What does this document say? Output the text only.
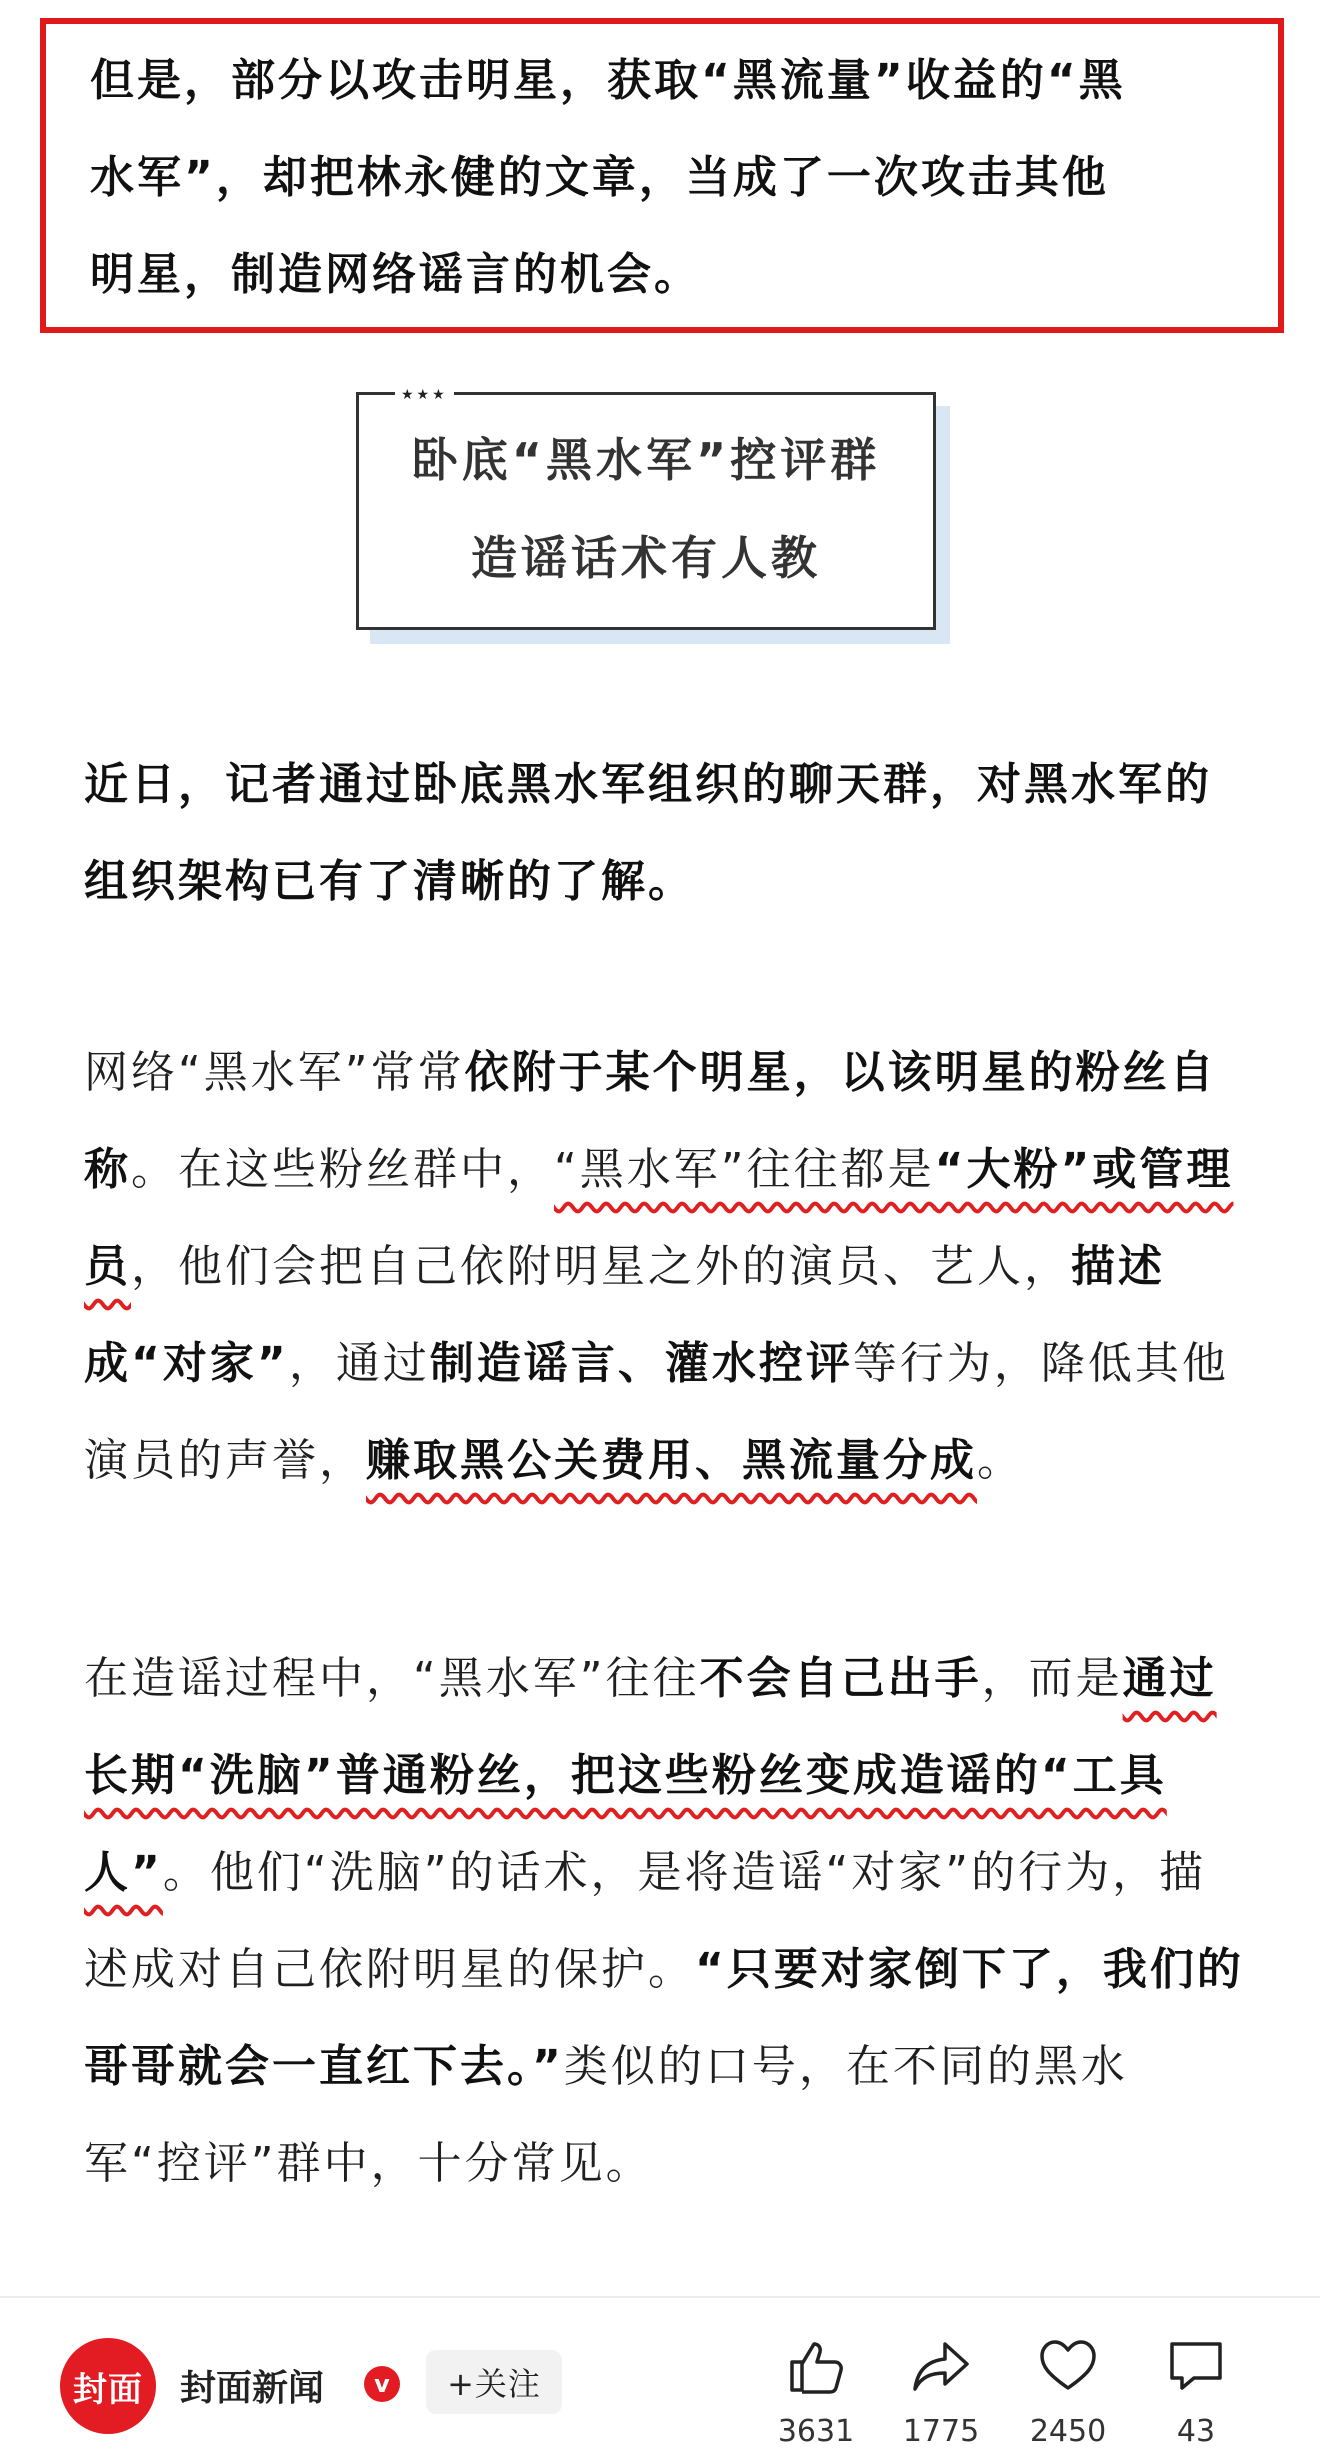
但是，部分以攻击明星，获取“黑流量”收益的“黑
水军”，却把林永健的文章，当成了一次攻击其他
明星，制造网络谣言的机会。

★★★
卧底“黑水军”控评群
造谣话术有人教

近日，记者通过卧底黑水军组织的聊天群，对黑水军的组织架构已有了清晰的了解。

网络“黑水军”常常依附于某个明星，以该明星的粉丝自称。在这些粉丝群中，“黑水军”往往都是“大粉”或管理员，他们会把自己依附明星之外的演员、艺人，描述成“对家”，通过制造谣言、灌水控评等行为，降低其他演员的声誉，赚取黑公关费用、黑流量分成。

在造谣过程中，“黑水军”往往不会自己出手，而是通过长期“洗脑”普通粉丝，把这些粉丝变成造谣的“工具人”。他们“洗脑”的话术，是将造谣“对家”的行为，描述成对自己依附明星的保护。“只要对家倒下了，我们的哥哥就会一直红下去。”类似的口号，在不同的黑水军“控评”群中，十分常见。

封面	封面新闻	v	+关注
3631	1775	2450	43
